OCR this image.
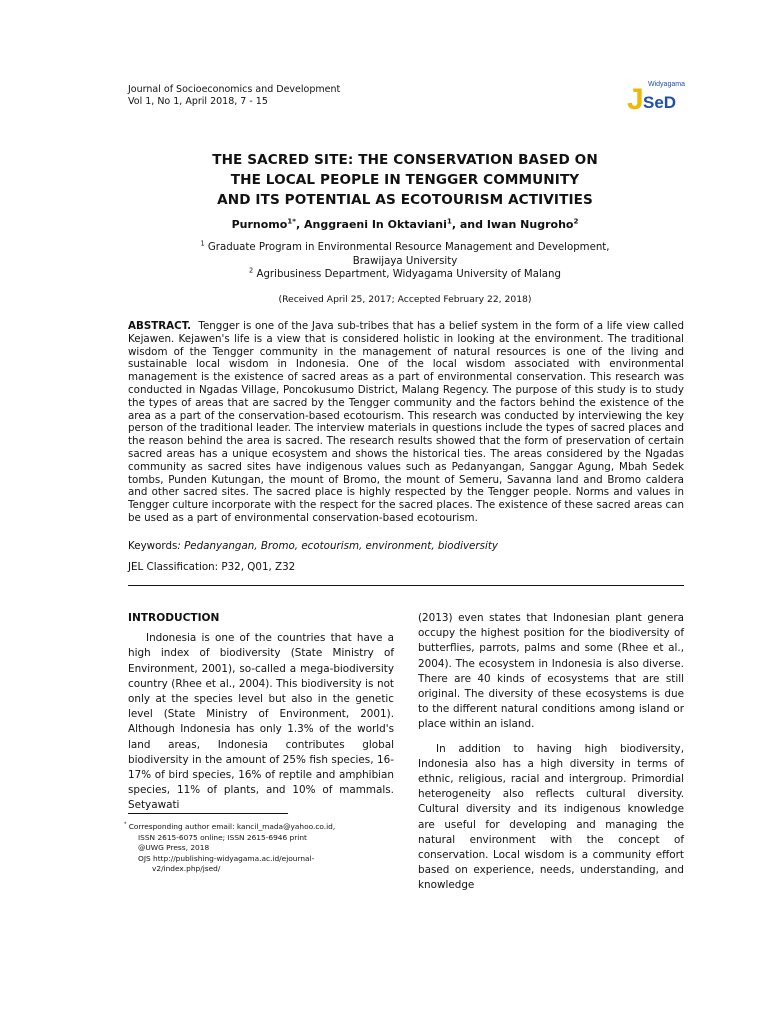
Journal of Socioeconomics and Development
Vol 1, No 1, April 2018, 7 - 15
Widyagama
J SeD
THE SACRED SITE: THE CONSERVATION BASED ON
THE LOCAL PEOPLE IN TENGGER COMMUNITY
AND ITS POTENTIAL AS ECOTOURISM ACTIVITIES
Purnomo$^{1*}$, Anggraeni In Oktaviani$^1$, and Iwan Nugroho$^2$
$^1$ Graduate Program in Environmental Resource Management and Development,
Brawijaya University
$^2$ Agribusiness Department, Widyagama University of Malang
(Received April 25, 2017; Accepted February 22, 2018)
ABSTRACT. Tengger is one of the Java sub-tribes that has a belief system in the form of a life view called Kejawen. Kejawen's life is a view that is considered holistic in looking at the environment. The traditional wisdom of the Tengger community in the management of natural resources is one of the living and sustainable local wisdom in Indonesia. One of the local wisdom associated with environmental management is the existence of sacred areas as a part of environmental conservation. This research was conducted in Ngadas Village, Poncokusumo District, Malang Regency. The purpose of this study is to study the types of areas that are sacred by the Tengger community and the factors behind the existence of the area as a part of the conservation-based ecotourism. This research was conducted by interviewing the key person of the traditional leader. The interview materials in questions include the types of sacred places and the reason behind the area is sacred. The research results showed that the form of preservation of certain sacred areas has a unique ecosystem and shows the historical ties. The areas considered by the Ngadas community as sacred sites have indigenous values such as Pedanyangan, Sanggar Agung, Mbah Sedek tombs, Punden Kutungan, the mount of Bromo, the mount of Semeru, Savanna land and Bromo caldera and other sacred sites. The sacred place is highly respected by the Tengger people. Norms and values in Tengger culture incorporate with the respect for the sacred places. The existence of these sacred areas can be used as a part of environmental conservation-based ecotourism.
Keywords: Pedanyangan, Bromo, ecotourism, environment, biodiversity
JEL Classification: P32, Q01, Z32
INTRODUCTION

Indonesia is one of the countries that have a high index of biodiversity (State Ministry of Environment, 2001), so-called a mega-biodiversity country (Rhee et al., 2004). This biodiversity is not only at the species level but also in the genetic level (State Ministry of Environment, 2001). Although Indonesia has only 1.3% of the world's land areas, Indonesia contributes global biodiversity in the amount of 25% fish species, 16-17% of bird species, 16% of reptile and amphibian species, 11% of plants, and 10% of mammals. Setyawati

(2013) even states that Indonesian plant genera occupy the highest position for the biodiversity of butterflies, parrots, palms and some (Rhee et al., 2004). The ecosystem in Indonesia is also diverse. There are 40 kinds of ecosystems that are still original. The diversity of these ecosystems is due to the different natural conditions among island or place within an island.

In addition to having high biodiversity, Indonesia also has a high diversity in terms of ethnic, religious, racial and intergroup. Primordial heterogeneity also reflects cultural diversity. Cultural diversity and its indigenous knowledge are useful for developing and managing the natural environment with the concept of conservation. Local wisdom is a community effort based on experience, needs, understanding, and knowledge

* Corresponding author email: kancil_mada@yahoo.co.id,
ISSN 2615-6075 online; ISSN 2615-6946 print
@UWG Press, 2018
OJS http://publishing-widyagama.ac.id/ejournal-
v2/index.php/jsed/
